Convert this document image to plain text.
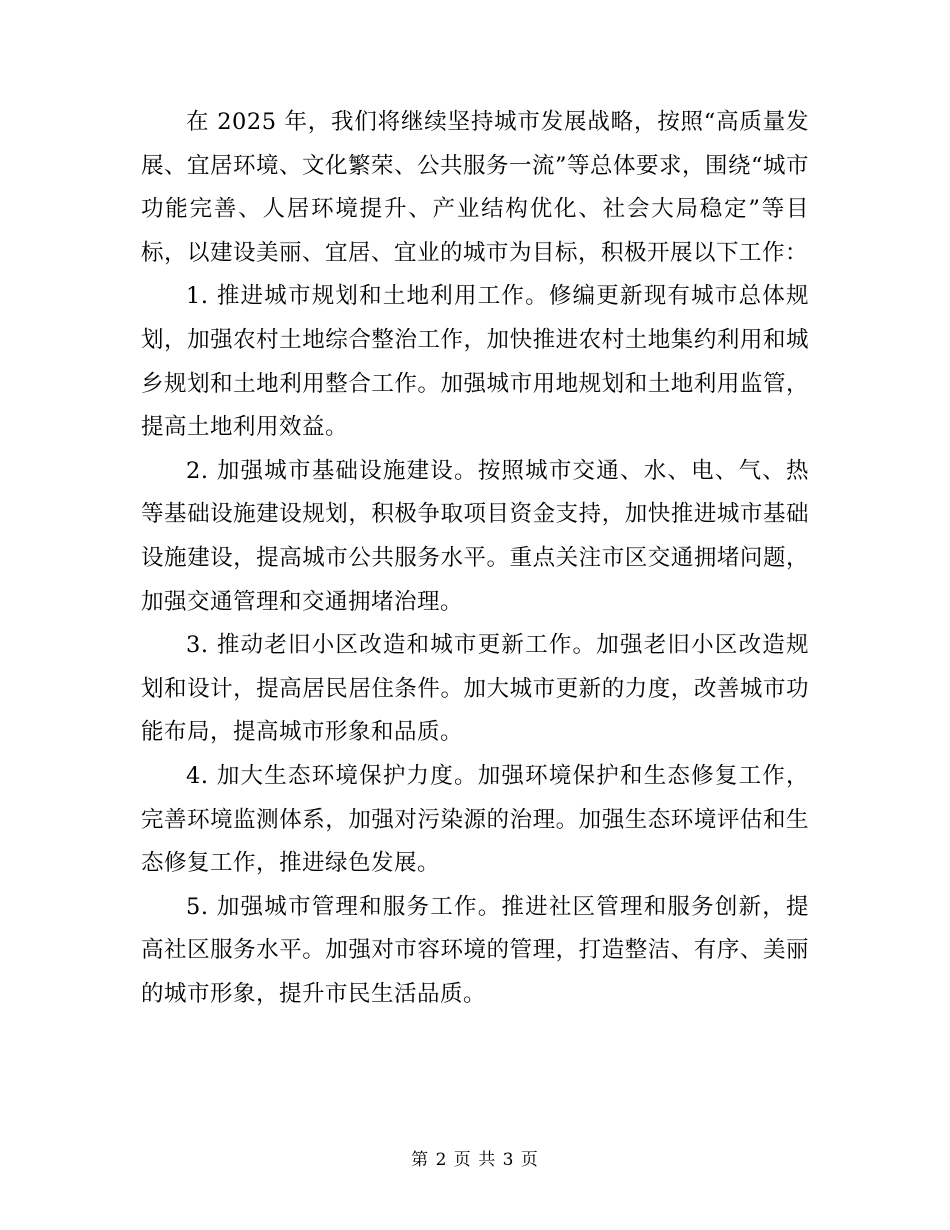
在 2025 年，我们将继续坚持城市发展战略，按照“高质量发展、宜居环境、文化繁荣、公共服务一流”等总体要求，围绕“城市功能完善、人居环境提升、产业结构优化、社会大局稳定”等目标，以建设美丽、宜居、宜业的城市为目标，积极开展以下工作：

1. 推进城市规划和土地利用工作。修编更新现有城市总体规划，加强农村土地综合整治工作，加快推进农村土地集约利用和城乡规划和土地利用整合工作。加强城市用地规划和土地利用监管，提高土地利用效益。

2. 加强城市基础设施建设。按照城市交通、水、电、气、热等基础设施建设规划，积极争取项目资金支持，加快推进城市基础设施建设，提高城市公共服务水平。重点关注市区交通拥堵问题，加强交通管理和交通拥堵治理。

3. 推动老旧小区改造和城市更新工作。加强老旧小区改造规划和设计，提高居民居住条件。加大城市更新的力度，改善城市功能布局，提高城市形象和品质。

4. 加大生态环境保护力度。加强环境保护和生态修复工作，完善环境监测体系，加强对污染源的治理。加强生态环境评估和生态修复工作，推进绿色发展。

5. 加强城市管理和服务工作。推进社区管理和服务创新，提高社区服务水平。加强对市容环境的管理，打造整洁、有序、美丽的城市形象，提升市民生活品质。

第 2 页 共 3 页
